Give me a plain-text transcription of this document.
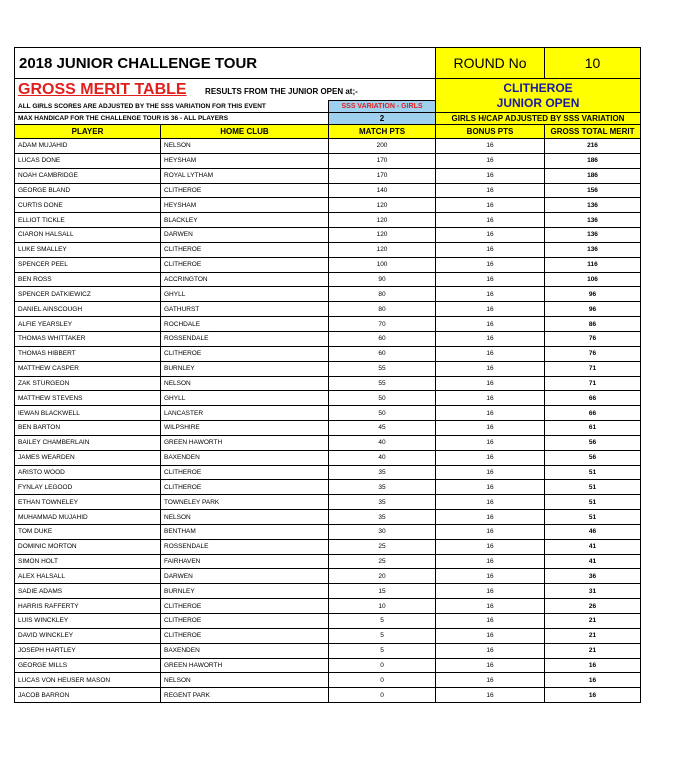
2018 JUNIOR CHALLENGE TOUR			ROUND No	10
GROSS MERIT TABLE RESULTS FROM THE JUNIOR OPEN at;-			CLITHEROE
JUNIOR OPEN	

ALL GIRLS SCORES ARE ADJUSTED BY THE SSS VARIATION FOR THIS EVENT		SSS VARIATION - GIRLS		
MAX HANDICAP FOR THE CHALLENGE TOUR IS 36 - ALL PLAYERS		2	GIRLS H/CAP ADJUSTED BY SSS VARIATION	
PLAYER	HOME CLUB	MATCH PTS	BONUS PTS	GROSS TOTAL MERIT
ADAM MUJAHID	NELSON	200	16	216
LUCAS DONE	HEYSHAM	170	16	186
NOAH CAMBRIDGE	ROYAL LYTHAM	170	16	186
GEORGE BLAND	CLITHEROE	140	16	156
CURTIS DONE	HEYSHAM	120	16	136
ELLIOT TICKLE	BLACKLEY	120	16	136
CIARON HALSALL	DARWEN	120	16	136
LUKE SMALLEY	CLITHEROE	120	16	136
SPENCER PEEL	CLITHEROE	100	16	116
BEN ROSS	ACCRINGTON	90	16	106
SPENCER DATKIEWICZ	GHYLL	80	16	96
DANIEL AINSCOUGH	GATHURST	80	16	96
ALFIE YEARSLEY	ROCHDALE	70	16	86
THOMAS WHITTAKER	ROSSENDALE	60	16	76
THOMAS HIBBERT	CLITHEROE	60	16	76
MATTHEW CASPER	BURNLEY	55	16	71
ZAK STURGEON	NELSON	55	16	71
MATTHEW STEVENS	GHYLL	50	16	66
IEWAN BLACKWELL	LANCASTER	50	16	66
BEN BARTON	WILPSHIRE	45	16	61
BAILEY CHAMBERLAIN	GREEN HAWORTH	40	16	56
JAMES WEARDEN	BAXENDEN	40	16	56
ARISTO WOOD	CLITHEROE	35	16	51
FYNLAY LEGOOD	CLITHEROE	35	16	51
ETHAN TOWNELEY	TOWNELEY PARK	35	16	51
MUHAMMAD MUJAHID	NELSON	35	16	51
TOM DUKE	BENTHAM	30	16	46
DOMINIC MORTON	ROSSENDALE	25	16	41
SIMON HOLT	FAIRHAVEN	25	16	41
ALEX HALSALL	DARWEN	20	16	36
SADIE ADAMS	BURNLEY	15	16	31
HARRIS RAFFERTY	CLITHEROE	10	16	26
LUIS WINCKLEY	CLITHEROE	5	16	21
DAVID WINCKLEY	CLITHEROE	5	16	21
JOSEPH HARTLEY	BAXENDEN	5	16	21
GEORGE MILLS	GREEN HAWORTH	0	16	16
LUCAS VON HEUSER MASON	NELSON	0	16	16
JACOB BARRON	REGENT PARK	0	16	16
